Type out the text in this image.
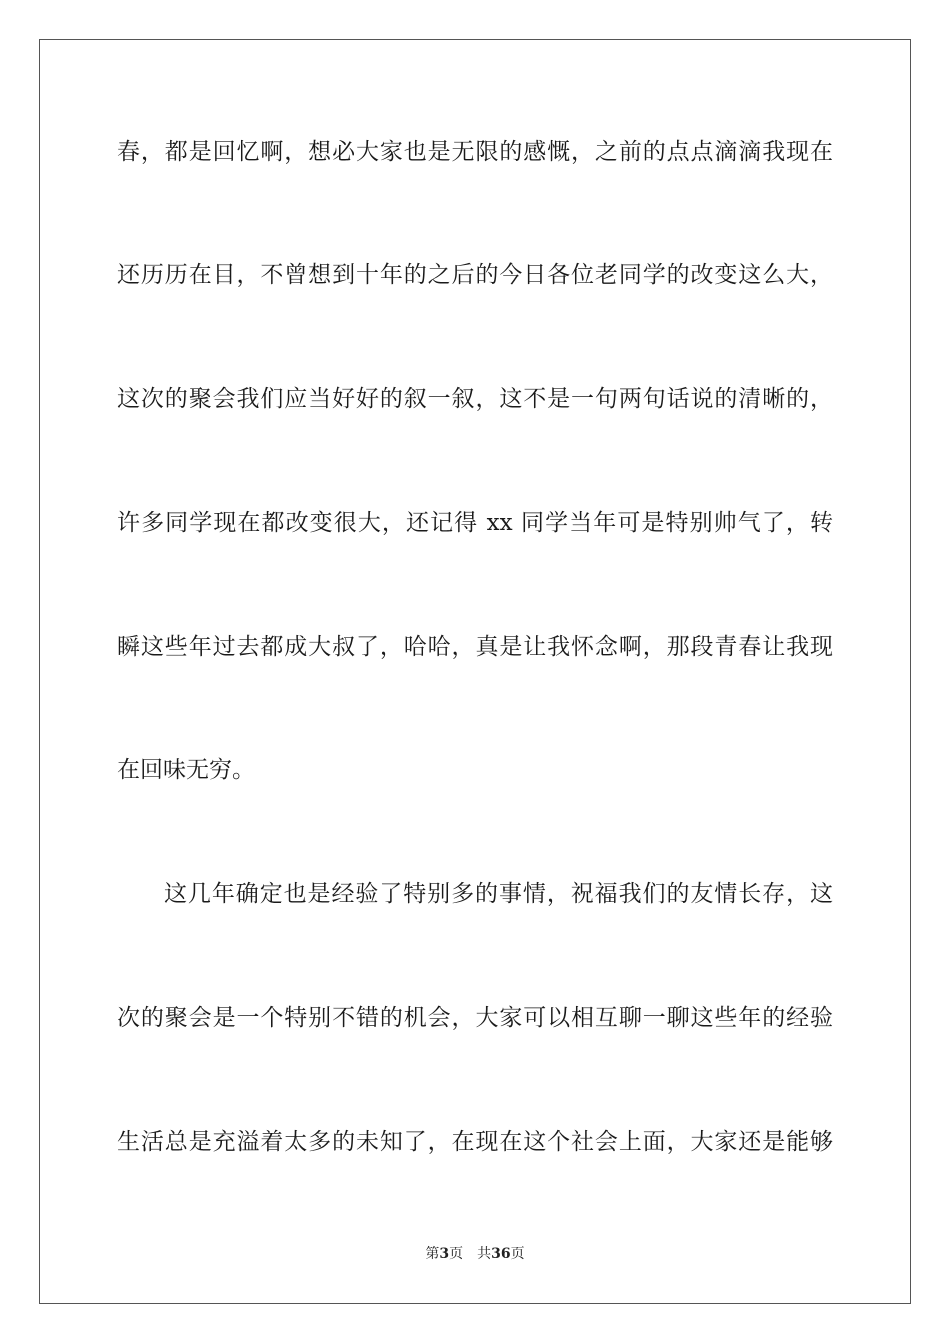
春，都是回忆啊，想必大家也是无限的感慨，之前的点点滴滴我现在
还历历在目，不曾想到十年的之后的今日各位老同学的改变这么大，
这次的聚会我们应当好好的叙一叙，这不是一句两句话说的清晰的，
许多同学现在都改变很大，还记得 xx 同学当年可是特别帅气了，转
瞬这些年过去都成大叔了，哈哈，真是让我怀念啊，那段青春让我现
在回味无穷。
这几年确定也是经验了特别多的事情，祝福我们的友情长存，这
次的聚会是一个特别不错的机会，大家可以相互聊一聊这些年的经验
生活总是充溢着太多的未知了，在现在这个社会上面，大家还是能够
第3页 共36页
